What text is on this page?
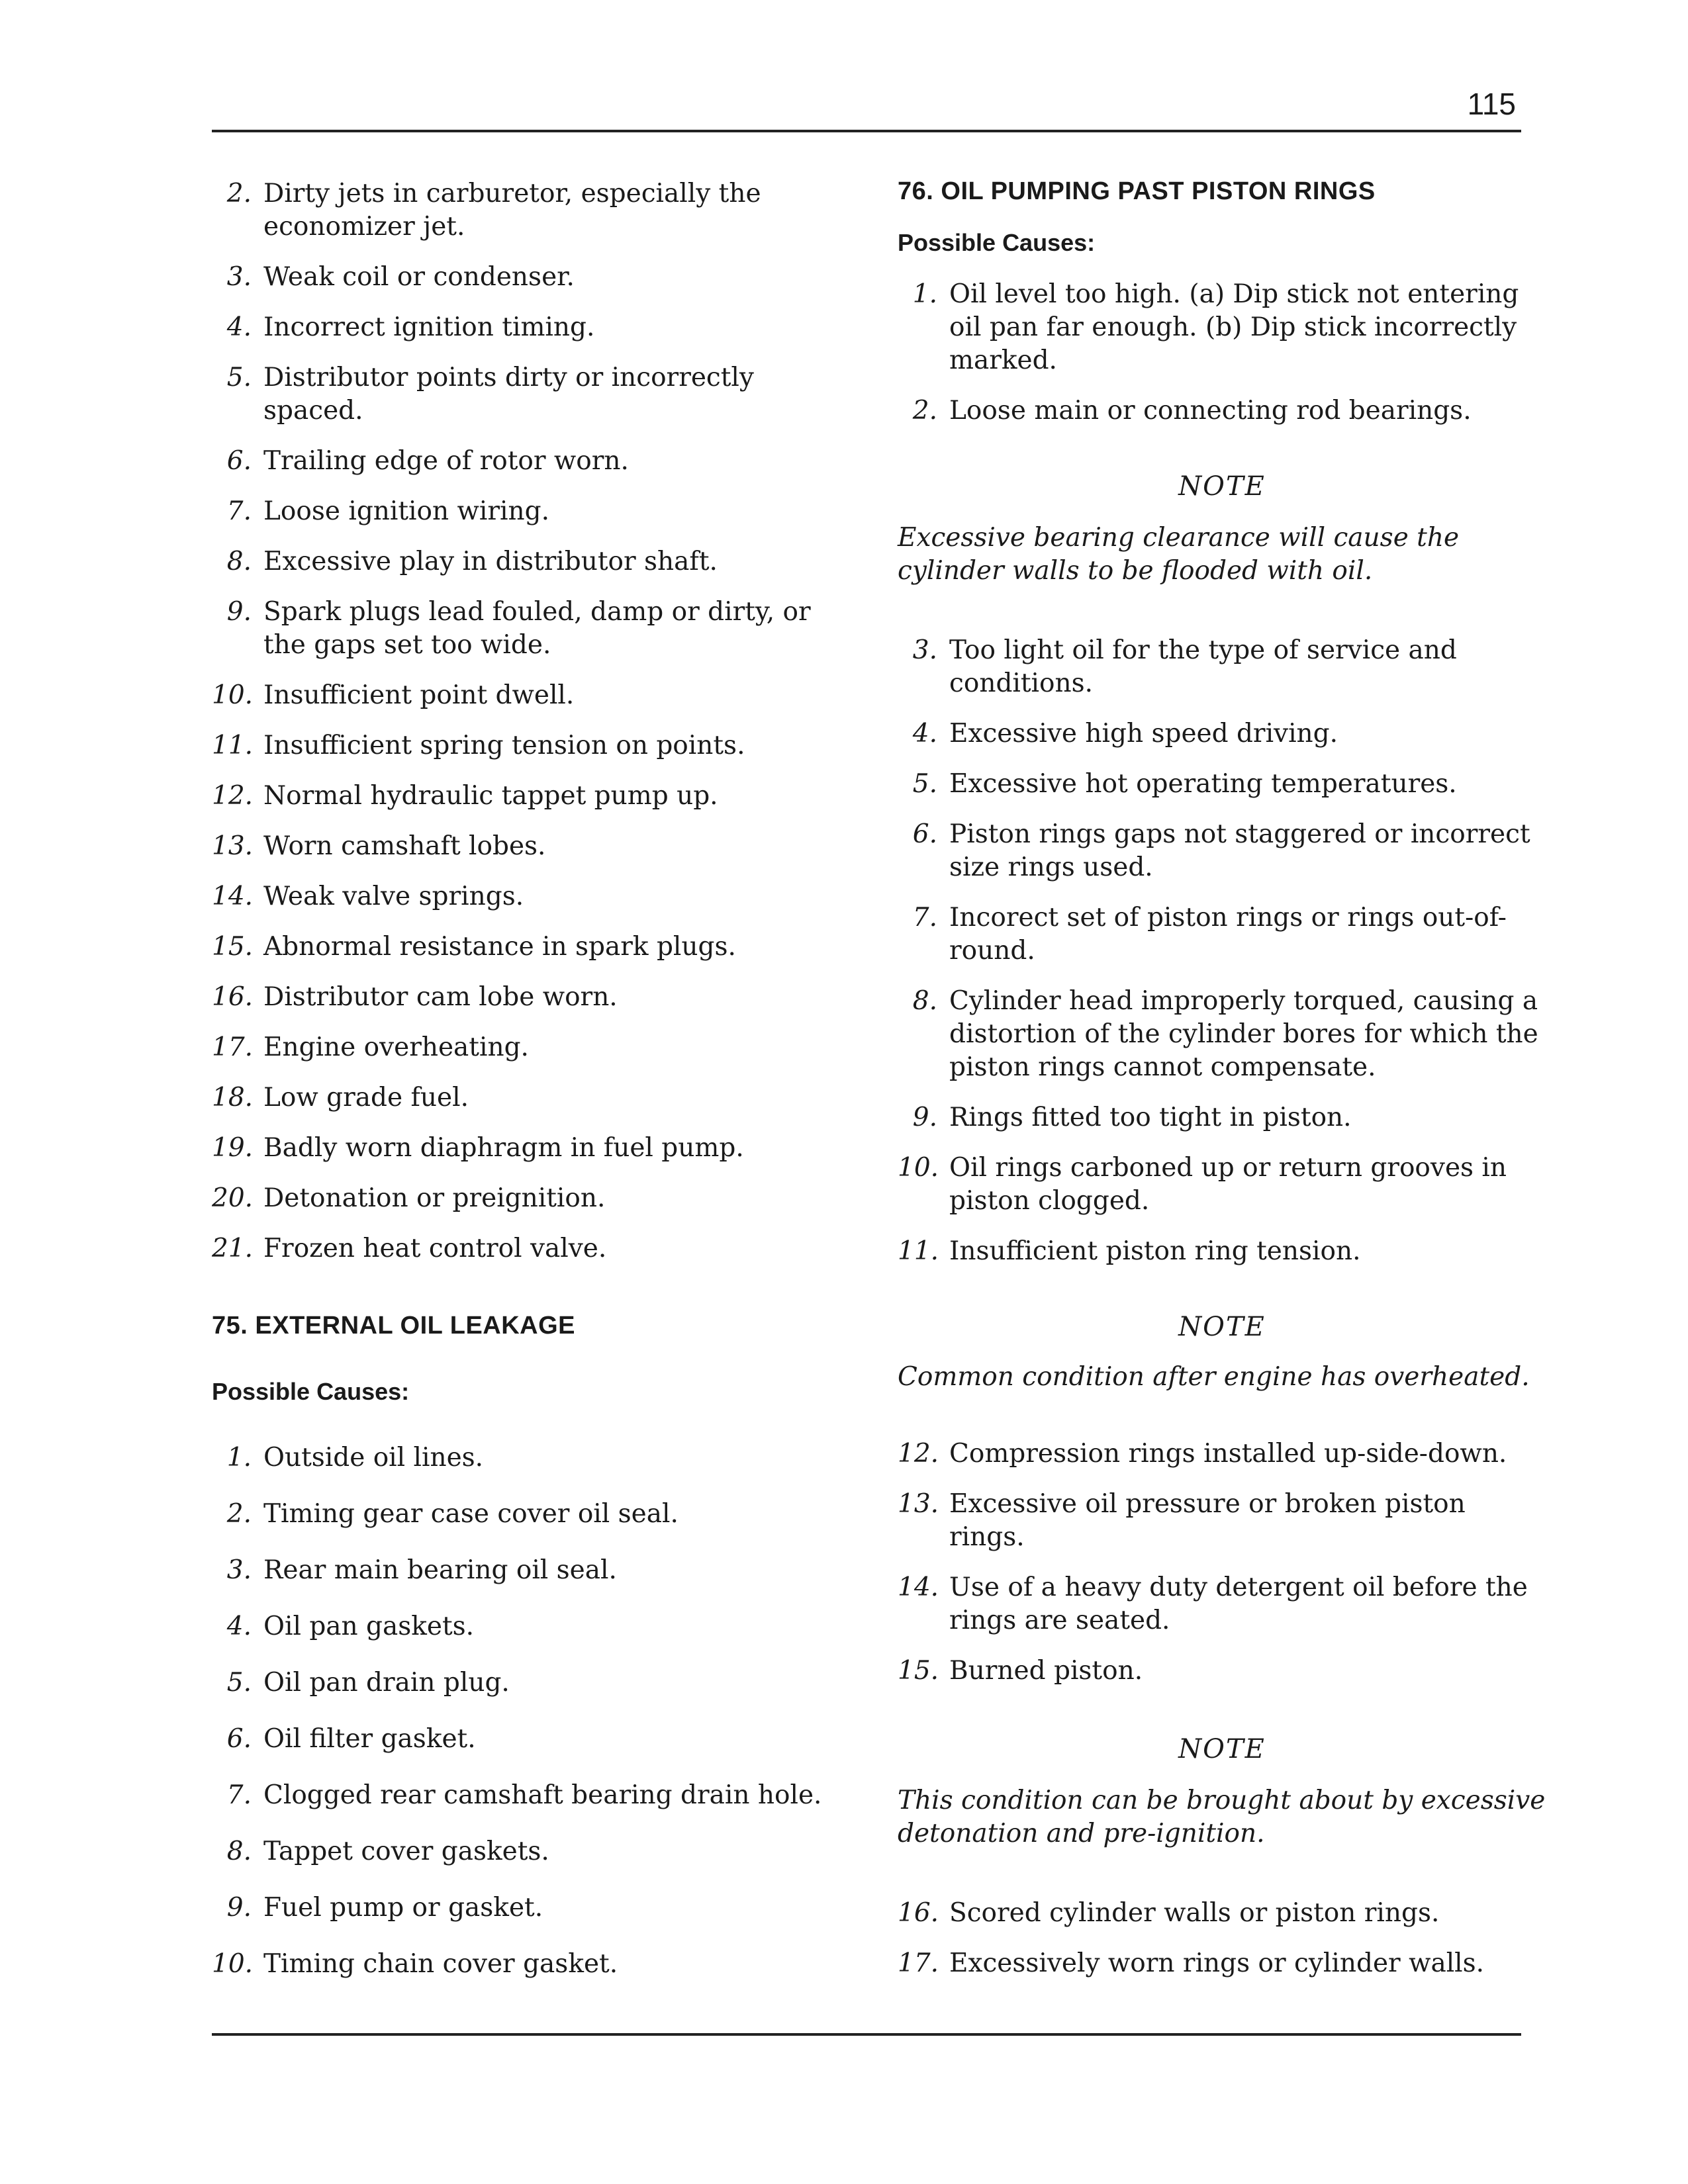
115
2. Dirty jets in carburetor, especially the economizer jet.
3. Weak coil or condenser.
4. Incorrect ignition timing.
5. Distributor points dirty or incorrectly spaced.
6. Trailing edge of rotor worn.
7. Loose ignition wiring.
8. Excessive play in distributor shaft.
9. Spark plugs lead fouled, damp or dirty, or the gaps set too wide.
10. Insufficient point dwell.
11. Insufficient spring tension on points.
12. Normal hydraulic tappet pump up.
13. Worn camshaft lobes.
14. Weak valve springs.
15. Abnormal resistance in spark plugs.
16. Distributor cam lobe worn.
17. Engine overheating.
18. Low grade fuel.
19. Badly worn diaphragm in fuel pump.
20. Detonation or preignition.
21. Frozen heat control valve.
75. EXTERNAL OIL LEAKAGE
Possible Causes:
1. Outside oil lines.
2. Timing gear case cover oil seal.
3. Rear main bearing oil seal.
4. Oil pan gaskets.
5. Oil pan drain plug.
6. Oil filter gasket.
7. Clogged rear camshaft bearing drain hole.
8. Tappet cover gaskets.
9. Fuel pump or gasket.
10. Timing chain cover gasket.
76. OIL PUMPING PAST PISTON RINGS
Possible Causes:
1. Oil level too high. (a) Dip stick not entering oil pan far enough. (b) Dip stick incorrectly marked.
2. Loose main or connecting rod bearings.
NOTE
Excessive bearing clearance will cause the cylinder walls to be flooded with oil.
3. Too light oil for the type of service and conditions.
4. Excessive high speed driving.
5. Excessive hot operating temperatures.
6. Piston rings gaps not staggered or incorrect size rings used.
7. Incorect set of piston rings or rings out-of-round.
8. Cylinder head improperly torqued, causing a distortion of the cylinder bores for which the piston rings cannot compensate.
9. Rings fitted too tight in piston.
10. Oil rings carboned up or return grooves in piston clogged.
11. Insufficient piston ring tension.
NOTE
Common condition after engine has overheated.
12. Compression rings installed up-side-down.
13. Excessive oil pressure or broken piston rings.
14. Use of a heavy duty detergent oil before the rings are seated.
15. Burned piston.
NOTE
This condition can be brought about by excessive detonation and pre-ignition.
16. Scored cylinder walls or piston rings.
17. Excessively worn rings or cylinder walls.
